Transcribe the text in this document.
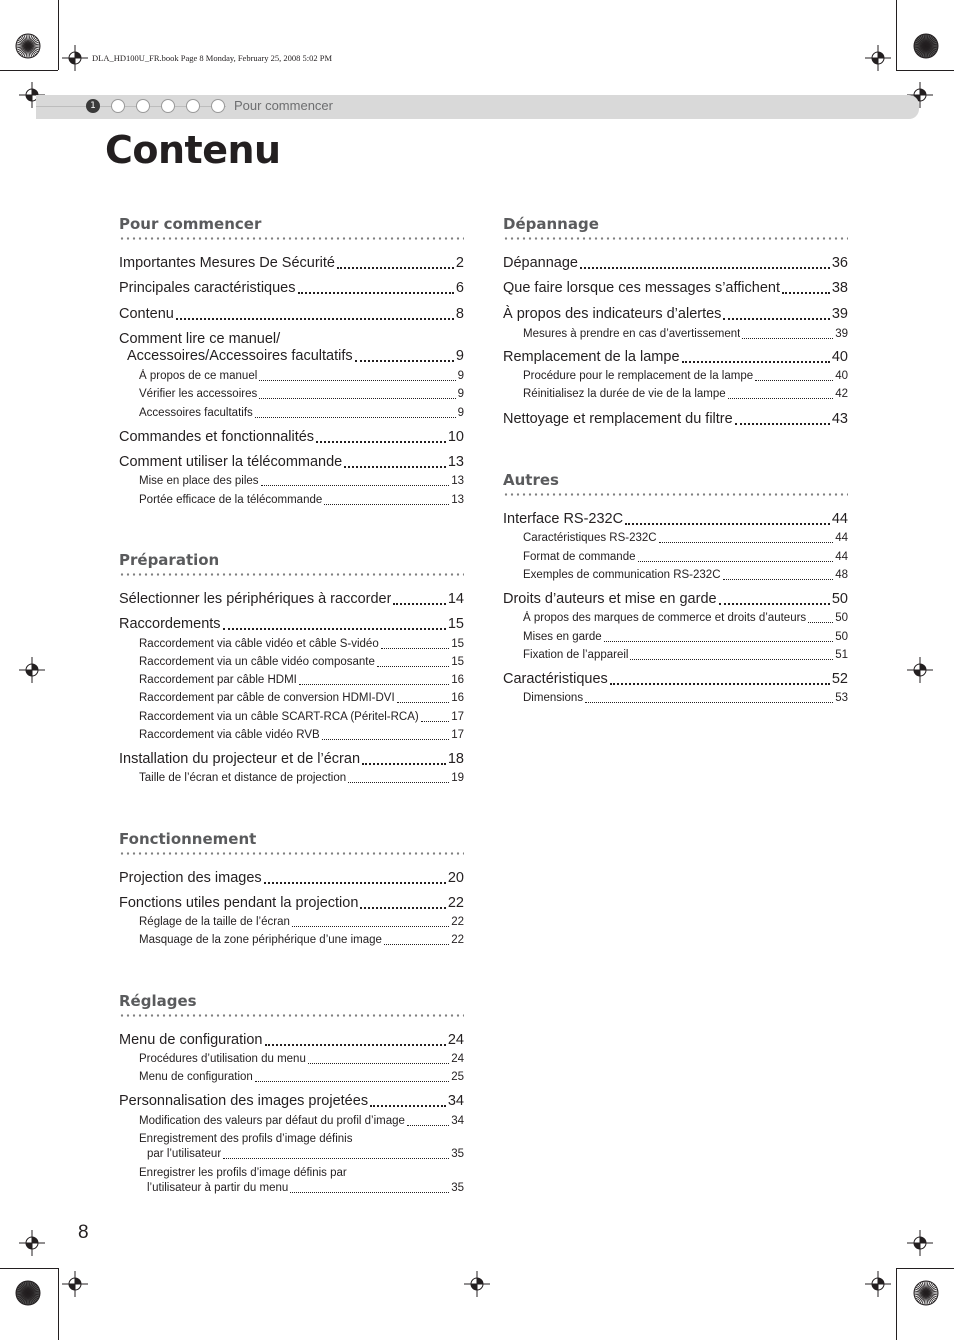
DLA_HD100U_FR.book Page 8 Monday, February 25, 2008 5:02 PM
1	Pour commencer
Contenu
Pour commencer
Importantes Mesures De Sécurité	2
Principales caractéristiques	6
Contenu	8
Comment lire ce manuel/
Accessoires/Accessoires facultatifs	9
À propos de ce manuel	9
Vérifier les accessoires	9
Accessoires facultatifs	9
Commandes et fonctionnalités	10
Comment utiliser la télécommande	13
Mise en place des piles	13
Portée efficace de la télécommande	13
Préparation
Sélectionner les périphériques à raccorder	14
Raccordements	15
Raccordement via câble vidéo et câble S-vidéo	15
Raccordement via un câble vidéo composante	15
Raccordement par câble HDMI	16
Raccordement par câble de conversion HDMI-DVI	16
Raccordement via un câble SCART-RCA (Péritel-RCA)	17
Raccordement via câble vidéo RVB	17
Installation du projecteur et de l’écran	18
Taille de l’écran et distance de projection	19
Fonctionnement
Projection des images	20
Fonctions utiles pendant la projection	22
Réglage de la taille de l’écran	22
Masquage de la zone périphérique d’une image	22
Réglages
Menu de configuration	24
Procédures d’utilisation du menu	24
Menu de configuration	25
Personnalisation des images projetées	34
Modification des valeurs par défaut du profil d’image	34
Enregistrement des profils d’image définis
par l’utilisateur	35
Enregistrer les profils d’image définis par
l’utilisateur à partir du menu	35
Dépannage
Dépannage	36
Que faire lorsque ces messages s’affichent	38
À propos des indicateurs d’alertes	39
Mesures à prendre en cas d’avertissement	39
Remplacement de la lampe	40
Procédure pour le remplacement de la lampe	40
Réinitialisez la durée de vie de la lampe	42
Nettoyage et remplacement du filtre	43
Autres
Interface RS-232C	44
Caractéristiques RS-232C	44
Format de commande	44
Exemples de communication RS-232C	48
Droits d’auteurs et mise en garde	50
À propos des marques de commerce et droits d’auteurs	50
Mises en garde	50
Fixation de l’appareil	51
Caractéristiques	52
Dimensions	53
8
